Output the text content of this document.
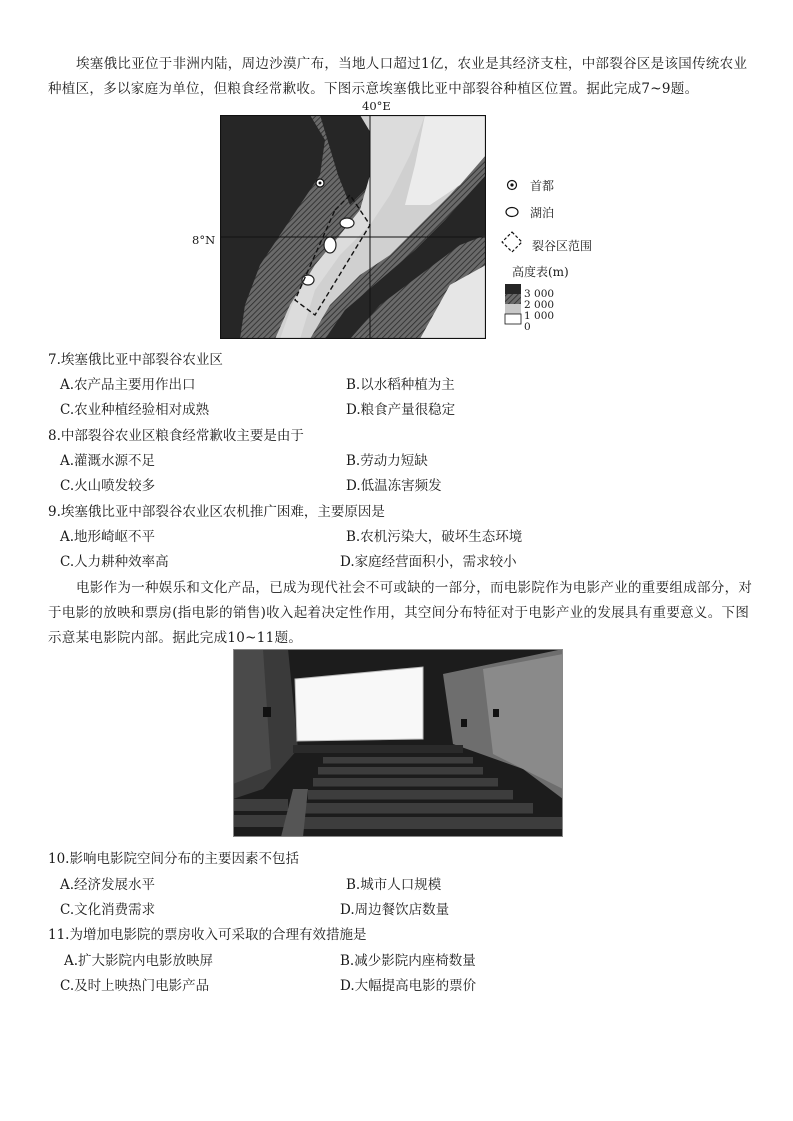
埃塞俄比亚位于非洲内陆，周边沙漠广布，当地人口超过1亿，农业是其经济支柱，中部裂谷区是该国传统农业种植区，多以家庭为单位，但粮食经常歉收。下图示意埃塞俄比亚中部裂谷种植区位置。据此完成7~9题。
40°E
8°N
首都
湖泊
裂谷区范围
高度表(m)
3 000
2 000
1 000
0
7.埃塞俄比亚中部裂谷农业区
A.农产品主要用作出口	B.以水稻种植为主
C.农业种植经验相对成熟	D.粮食产量很稳定
8.中部裂谷农业区粮食经常歉收主要是由于
A.灌溉水源不足	B.劳动力短缺
C.火山喷发较多	D.低温冻害频发
9.埃塞俄比亚中部裂谷农业区农机推广困难，主要原因是
A.地形崎岖不平	B.农机污染大，破坏生态环境
C.人力耕种效率高	D.家庭经营面积小，需求较小
电影作为一种娱乐和文化产品，已成为现代社会不可或缺的一部分，而电影院作为电影产业的重要组成部分，对于电影的放映和票房(指电影的销售)收入起着决定性作用，其空间分布特征对于电影产业的发展具有重要意义。下图示意某电影院内部。据此完成10~11题。
10.影响电影院空间分布的主要因素不包括
A.经济发展水平	B.城市人口规模
C.文化消费需求	D.周边餐饮店数量
11.为增加电影院的票房收入可采取的合理有效措施是
A.扩大影院内电影放映屏	B.减少影院内座椅数量
C.及时上映热门电影产品	D.大幅提高电影的票价
